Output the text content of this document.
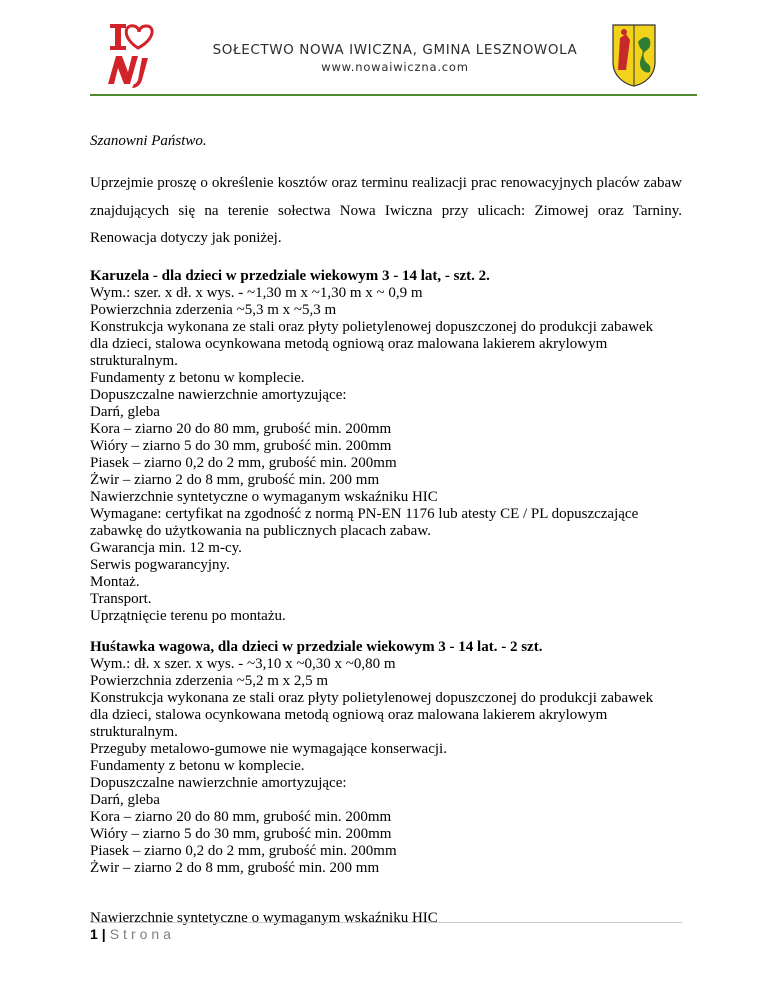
SOŁECTWO NOWA IWICZNA, GMINA LESZNOWOLA
www.nowaiwiczna.com
Szanowni Państwo.
Uprzejmie proszę o określenie kosztów oraz terminu realizacji prac renowacyjnych placów zabaw znajdujących się na terenie sołectwa Nowa Iwiczna przy ulicach: Zimowej oraz Tarniny. Renowacja dotyczy jak poniżej.
Karuzela - dla dzieci w przedziale wiekowym 3 - 14 lat, - szt. 2.
Wym.: szer. x dł. x wys. - ~1,30 m x ~1,30 m x ~ 0,9 m
Powierzchnia zderzenia ~5,3 m x ~5,3 m
Konstrukcja wykonana ze stali oraz płyty polietylenowej dopuszczonej do produkcji zabawek
dla dzieci, stalowa ocynkowana metodą ogniową oraz malowana lakierem akrylowym
strukturalnym.
Fundamenty z betonu w komplecie.
Dopuszczalne nawierzchnie amortyzujące:
Darń, gleba
Kora – ziarno 20 do 80 mm, grubość min. 200mm
Wióry – ziarno 5 do 30 mm, grubość min. 200mm
Piasek – ziarno 0,2 do 2 mm, grubość min. 200mm
Żwir – ziarno 2 do 8 mm, grubość min. 200 mm
Nawierzchnie syntetyczne o wymaganym wskaźniku HIC
Wymagane: certyfikat na zgodność z normą PN-EN 1176 lub atesty CE / PL dopuszczające
zabawkę do użytkowania na publicznych placach zabaw.
Gwarancja min. 12 m-cy.
Serwis pogwarancyjny.
Montaż.
Transport.
Uprzątnięcie terenu po montażu.
Huśtawka wagowa, dla dzieci w przedziale wiekowym 3 - 14 lat. - 2 szt.
Wym.: dł. x szer. x wys. - ~3,10 x ~0,30 x ~0,80 m
Powierzchnia zderzenia ~5,2 m x 2,5 m
Konstrukcja wykonana ze stali oraz płyty polietylenowej dopuszczonej do produkcji zabawek
dla dzieci, stalowa ocynkowana metodą ogniową oraz malowana lakierem akrylowym
strukturalnym.
Przeguby metalowo-gumowe nie wymagające konserwacji.
Fundamenty z betonu w komplecie.
Dopuszczalne nawierzchnie amortyzujące:
Darń, gleba
Kora – ziarno 20 do 80 mm, grubość min. 200mm
Wióry – ziarno 5 do 30 mm, grubość min. 200mm
Piasek – ziarno 0,2 do 2 mm, grubość min. 200mm
Żwir – ziarno 2 do 8 mm, grubość min. 200 mm
Nawierzchnie syntetyczne o wymaganym wskaźniku HIC
1 | Strona
